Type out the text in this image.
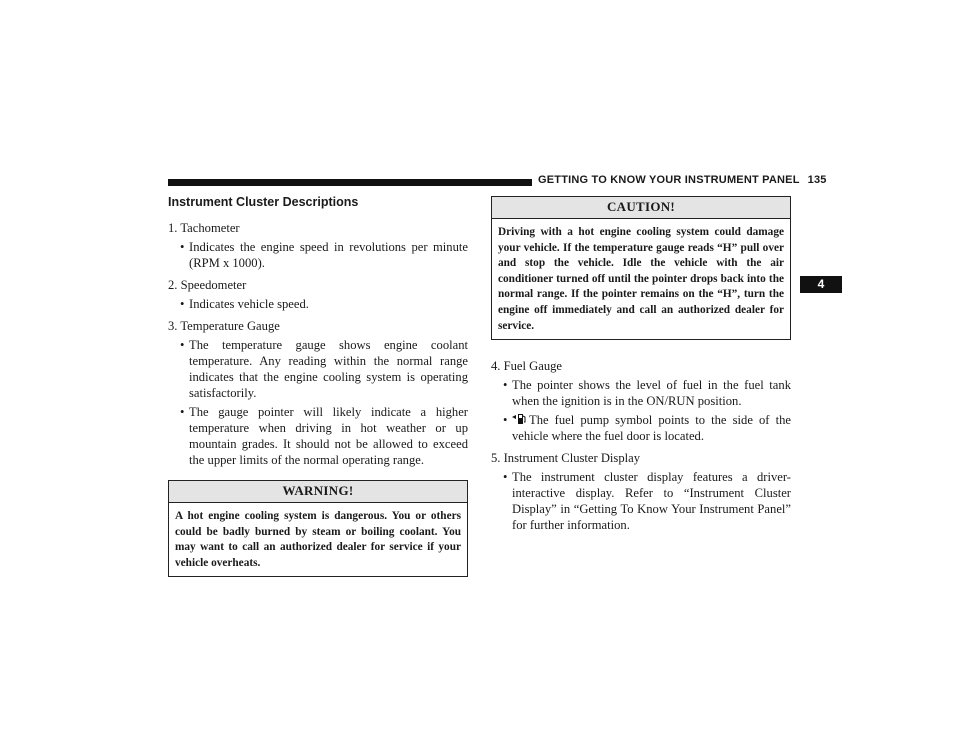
GETTING TO KNOW YOUR INSTRUMENT PANEL 135
4
Instrument Cluster Descriptions

1. Tachometer

• Indicates the engine speed in revolutions per minute (RPM x 1000).

2. Speedometer

• Indicates vehicle speed.

3. Temperature Gauge

• The temperature gauge shows engine coolant temperature. Any reading within the normal range indicates that the engine cooling system is operating satisfactorily.

• The gauge pointer will likely indicate a higher temperature when driving in hot weather or up mountain grades. It should not be allowed to exceed the upper limits of the normal operating range.

WARNING!
A hot engine cooling system is dangerous. You or others could be badly burned by steam or boiling coolant. You may want to call an authorized dealer for service if your vehicle overheats.
CAUTION!
Driving with a hot engine cooling system could damage your vehicle. If the temperature gauge reads “H” pull over and stop the vehicle. Idle the vehicle with the air conditioner turned off until the pointer drops back into the normal range. If the pointer remains on the “H”, turn the engine off immediately and call an authorized dealer for service.

4. Fuel Gauge

• The pointer shows the level of fuel in the fuel tank when the ignition is in the ON/RUN position.

• The fuel pump symbol points to the side of the vehicle where the fuel door is located.

5. Instrument Cluster Display

• The instrument cluster display features a driver-interactive display. Refer to “Instrument Cluster Display” in “Getting To Know Your Instrument Panel” for further information.
